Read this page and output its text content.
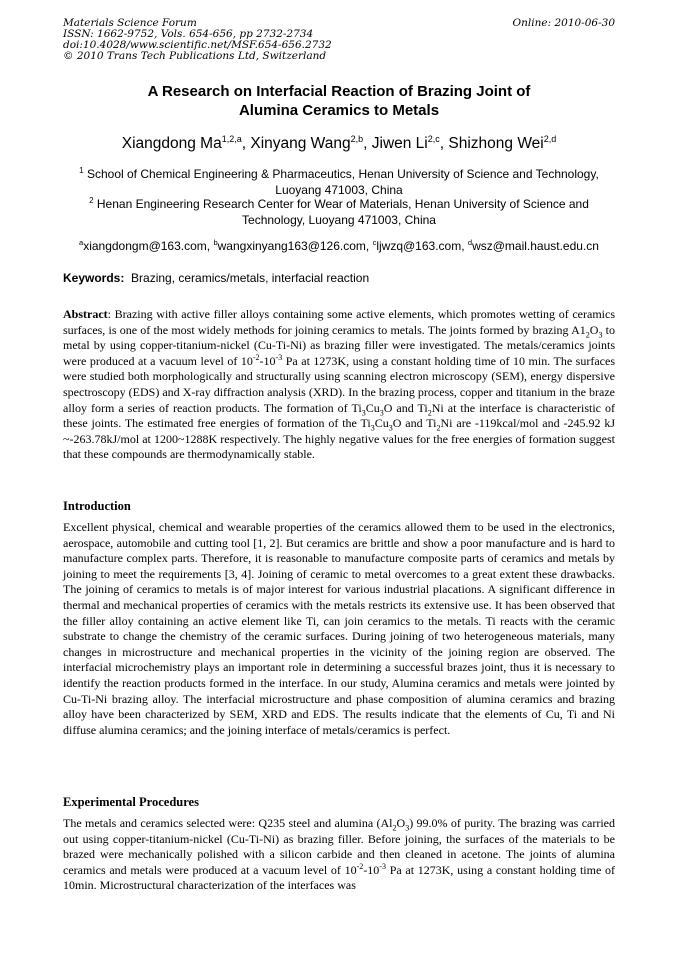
Materials Science Forum
ISSN: 1662-9752, Vols. 654-656, pp 2732-2734
doi:10.4028/www.scientific.net/MSF.654-656.2732
© 2010 Trans Tech Publications Ltd, Switzerland
Online: 2010-06-30
A Research on Interfacial Reaction of Brazing Joint of
Alumina Ceramics to Metals
Xiangdong Ma$^{1,2,a}$, Xinyang Wang$^{2,b}$, Jiwen Li$^{2,c}$, Shizhong Wei$^{2,d}$
$^1$ School of Chemical Engineering & Pharmaceutics, Henan University of Science and Technology,
Luoyang 471003, China
$^2$ Henan Engineering Research Center for Wear of Materials, Henan University of Science and
Technology, Luoyang 471003, China
$^a$xiangdongm@163.com, $^b$wangxinyang163@126.com, $^c$ljwzq@163.com, $^d$wsz@mail.haust.edu.cn
Keywords: Brazing, ceramics/metals, interfacial reaction
Abstract: Brazing with active filler alloys containing some active elements, which promotes wetting of ceramics surfaces, is one of the most widely methods for joining ceramics to metals. The joints formed by brazing $A1_2O_3$ to metal by using copper-titanium-nickel (Cu-Ti-Ni) as brazing filler were investigated. The metals/ceramics joints were produced at a vacuum level of $10^{-2}-10^{-3}$ Pa at 1273K, using a constant holding time of 10 min. The surfaces were studied both morphologically and structurally using scanning electron microscopy (SEM), energy dispersive spectroscopy (EDS) and X-ray diffraction analysis (XRD). In the brazing process, copper and titanium in the braze alloy form a series of reaction products. The formation of $Ti_3Cu_3O$ and $Ti_2Ni$ at the interface is characteristic of these joints. The estimated free energies of formation of the $Ti_3Cu_3O$ and $Ti_2Ni$ are -119kcal/mol and -245.92 kJ ~-263.78kJ/mol at 1200~1288K respectively. The highly negative values for the free energies of formation suggest that these compounds are thermodynamically stable.
Introduction
Excellent physical, chemical and wearable properties of the ceramics allowed them to be used in the electronics, aerospace, automobile and cutting tool [1, 2]. But ceramics are brittle and show a poor manufacture and is hard to manufacture complex parts. Therefore, it is reasonable to manufacture composite parts of ceramics and metals by joining to meet the requirements [3, 4]. Joining of ceramic to metal overcomes to a great extent these drawbacks. The joining of ceramics to metals is of major interest for various industrial placations. A significant difference in thermal and mechanical properties of ceramics with the metals restricts its extensive use. It has been observed that the filler alloy containing an active element like Ti, can join ceramics to the metals. Ti reacts with the ceramic substrate to change the chemistry of the ceramic surfaces. During joining of two heterogeneous materials, many changes in microstructure and mechanical properties in the vicinity of the joining region are observed. The interfacial microchemistry plays an important role in determining a successful brazes joint, thus it is necessary to identify the reaction products formed in the interface. In our study, Alumina ceramics and metals were jointed by Cu-Ti-Ni brazing alloy. The interfacial microstructure and phase composition of alumina ceramics and brazing alloy have been characterized by SEM, XRD and EDS. The results indicate that the elements of Cu, Ti and Ni diffuse alumina ceramics; and the joining interface of metals/ceramics is perfect.
Experimental Procedures
The metals and ceramics selected were: Q235 steel and alumina $(Al_2O_3)$ 99.0% of purity. The brazing was carried out using copper-titanium-nickel (Cu-Ti-Ni) as brazing filler. Before joining, the surfaces of the materials to be brazed were mechanically polished with a silicon carbide and then cleaned in acetone. The joints of alumina ceramics and metals were produced at a vacuum level of $10^{-2}-10^{-3}$ Pa at 1273K, using a constant holding time of 10min. Microstructural characterization of the interfaces was
